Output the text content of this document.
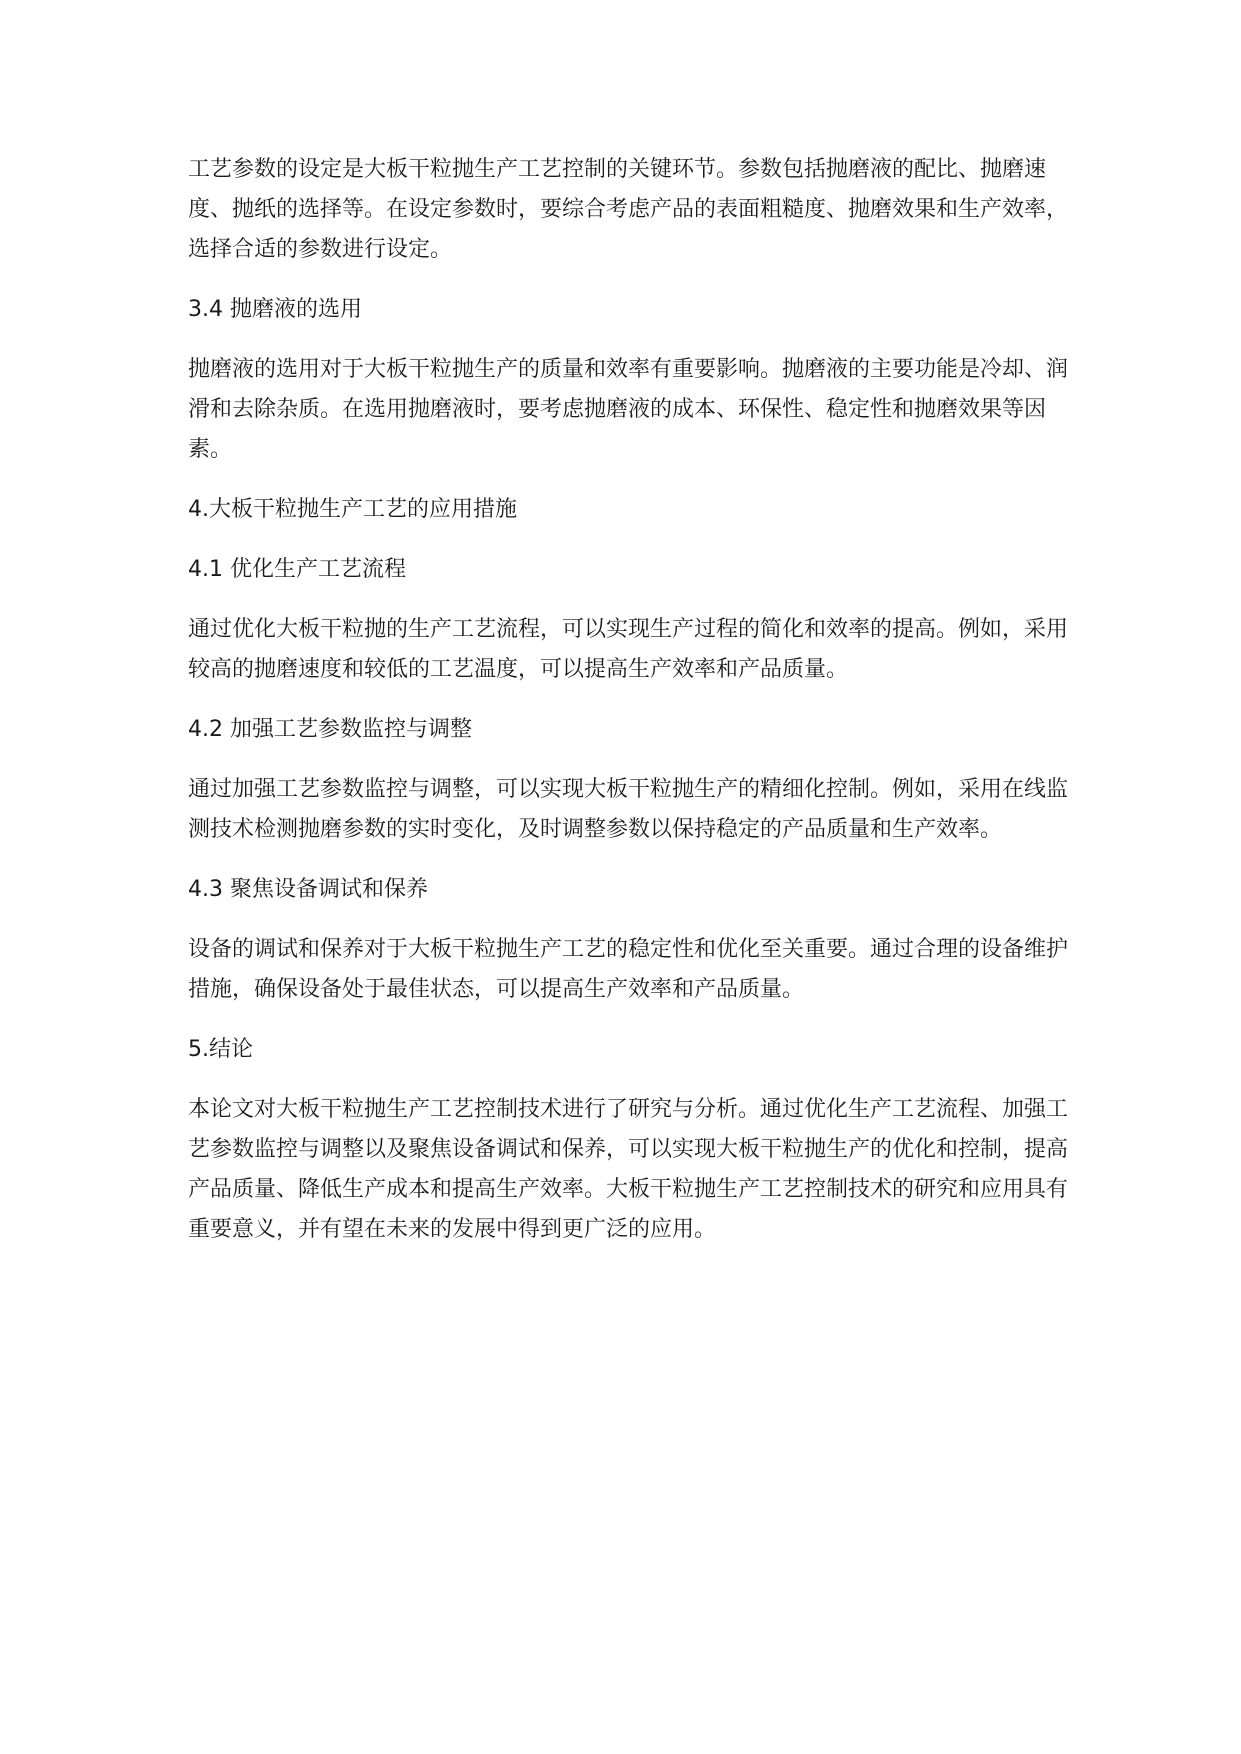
工艺参数的设定是大板干粒抛生产工艺控制的关键环节。参数包括抛磨液的配比、抛磨速度、抛纸的选择等。在设定参数时，要综合考虑产品的表面粗糙度、抛磨效果和生产效率，选择合适的参数进行设定。

3.4 抛磨液的选用

抛磨液的选用对于大板干粒抛生产的质量和效率有重要影响。抛磨液的主要功能是冷却、润滑和去除杂质。在选用抛磨液时，要考虑抛磨液的成本、环保性、稳定性和抛磨效果等因素。

4.大板干粒抛生产工艺的应用措施

4.1 优化生产工艺流程

通过优化大板干粒抛的生产工艺流程，可以实现生产过程的简化和效率的提高。例如，采用较高的抛磨速度和较低的工艺温度，可以提高生产效率和产品质量。

4.2 加强工艺参数监控与调整

通过加强工艺参数监控与调整，可以实现大板干粒抛生产的精细化控制。例如，采用在线监测技术检测抛磨参数的实时变化，及时调整参数以保持稳定的产品质量和生产效率。

4.3 聚焦设备调试和保养

设备的调试和保养对于大板干粒抛生产工艺的稳定性和优化至关重要。通过合理的设备维护措施，确保设备处于最佳状态，可以提高生产效率和产品质量。

5.结论

本论文对大板干粒抛生产工艺控制技术进行了研究与分析。通过优化生产工艺流程、加强工艺参数监控与调整以及聚焦设备调试和保养，可以实现大板干粒抛生产的优化和控制，提高产品质量、降低生产成本和提高生产效率。大板干粒抛生产工艺控制技术的研究和应用具有重要意义，并有望在未来的发展中得到更广泛的应用。
